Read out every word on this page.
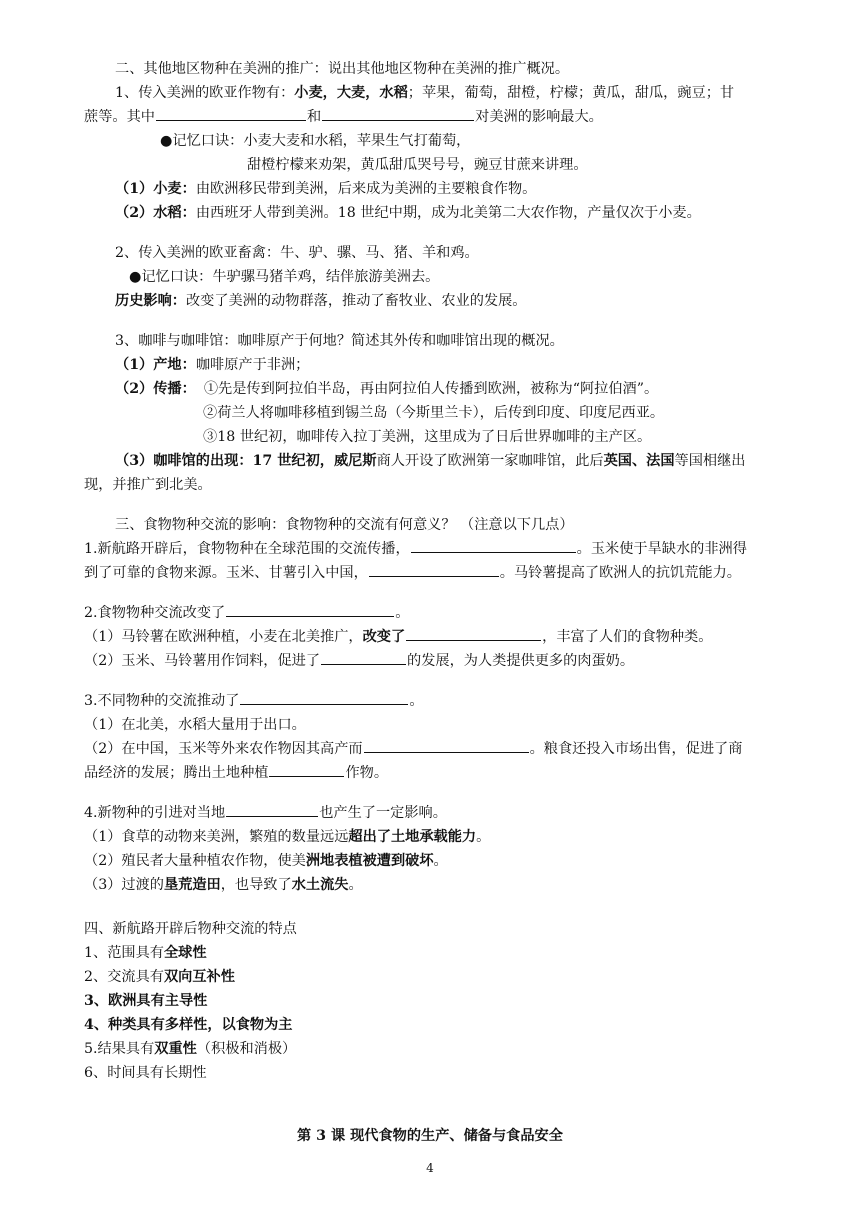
二、其他地区物种在美洲的推广：说出其他地区物种在美洲的推广概况。
1、传入美洲的欧亚作物有：小麦，大麦，水稻；苹果，葡萄，甜橙，柠檬；黄瓜，甜瓜，豌豆；甘
蔗等。其中	和	对美洲的影响最大。
●记忆口诀：小麦大麦和水稻，苹果生气打葡萄，
甜橙柠檬来劝架，黄瓜甜瓜哭号号，豌豆甘蔗来讲理。
（1）小麦：由欧洲移民带到美洲，后来成为美洲的主要粮食作物。
（2）水稻：由西班牙人带到美洲。18 世纪中期，成为北美第二大农作物，产量仅次于小麦。
2、传入美洲的欧亚畜禽：牛、驴、骡、马、猪、羊和鸡。
●记忆口诀：牛驴骡马猪羊鸡，结伴旅游美洲去。
历史影响：改变了美洲的动物群落，推动了畜牧业、农业的发展。
3、咖啡与咖啡馆：咖啡原产于何地？简述其外传和咖啡馆出现的概况。
（1）产地：咖啡原产于非洲；
（2）传播： ①先是传到阿拉伯半岛，再由阿拉伯人传播到欧洲，被称为“阿拉伯酒”。
②荷兰人将咖啡移植到锡兰岛（今斯里兰卡），后传到印度、印度尼西亚。
③18 世纪初，咖啡传入拉丁美洲，这里成为了日后世界咖啡的主产区。
（3）咖啡馆的出现：17 世纪初，威尼斯商人开设了欧洲第一家咖啡馆，此后英国、法国等国相继出
现，并推广到北美。
三、食物物种交流的影响：食物物种的交流有何意义？ （注意以下几点）
1.新航路开辟后，食物物种在全球范围的交流传播，	。玉米使于旱缺水的非洲得
到了可靠的食物来源。玉米、甘薯引入中国，	。马铃薯提高了欧洲人的抗饥荒能力。
2.食物物种交流改变了	。
（1）马铃薯在欧洲种植，小麦在北美推广，改变了	，丰富了人们的食物种类。
（2）玉米、马铃薯用作饲料，促进了	的发展，为人类提供更多的肉蛋奶。
3.不同物种的交流推动了	。
（1）在北美，水稻大量用于出口。
（2）在中国，玉米等外来农作物因其高产而	。粮食还投入市场出售，促进了商
品经济的发展；腾出土地种植	作物。
4.新物种的引进对当地	也产生了一定影响。
（1）食草的动物来美洲，繁殖的数量远远超出了土地承载能力。
（2）殖民者大量种植农作物，使美洲地表植被遭到破坏。
（3）过渡的垦荒造田，也导致了水土流失。
四、新航路开辟后物种交流的特点
1、范围具有全球性
2、交流具有双向互补性
3、欧洲具有主导性
4、种类具有多样性，以食物为主
5.结果具有双重性（积极和消极）
6、时间具有长期性
第 3 课 现代食物的生产、储备与食品安全
4
